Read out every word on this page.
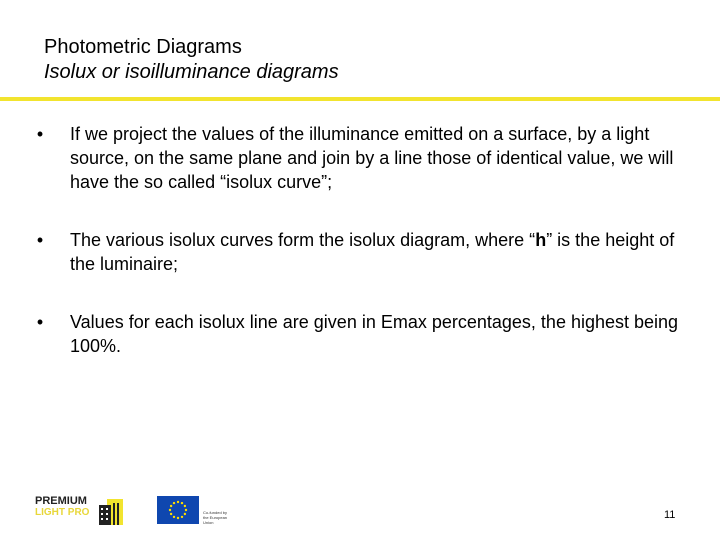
Photometric Diagrams
Isolux or isoilluminance diagrams
•	If we project the values of the illuminance emitted on a surface, by a light source, on the same plane and join by a line those of identical value, we will have the so called “isolux curve”;
•	The various isolux curves form the isolux diagram, where “h” is the height of the luminaire;
•	Values for each isolux line are given in Emax percentages, the highest being 100%.
PREMIUM
LIGHT PRO	Co-funded by the European Union
11
